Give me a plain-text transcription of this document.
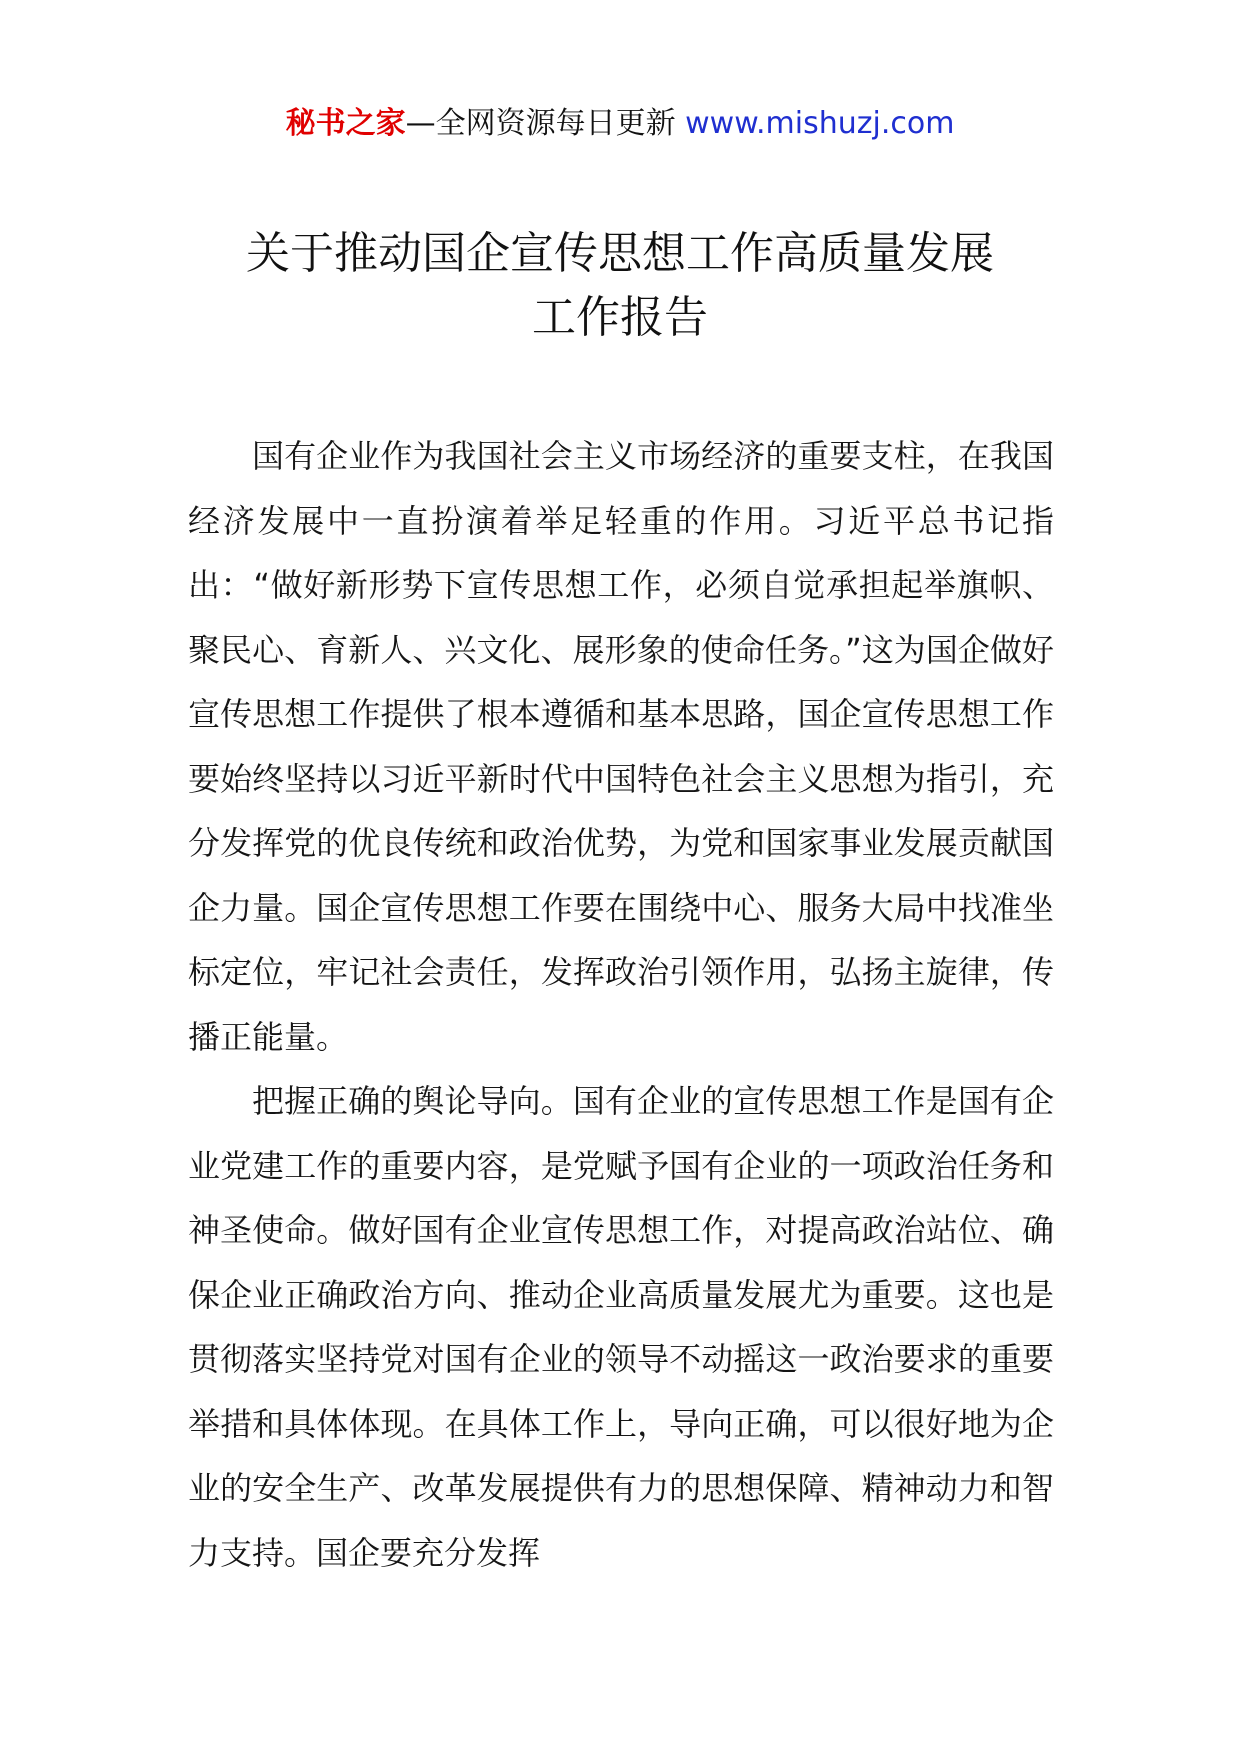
秘书之家—全网资源每日更新 www.mishuzj.com
关于推动国企宣传思想工作高质量发展
工作报告

国有企业作为我国社会主义市场经济的重要支柱，在我国经济发展中一直扮演着举足轻重的作用。习近平总书记指出：“做好新形势下宣传思想工作，必须自觉承担起举旗帜、聚民心、育新人、兴文化、展形象的使命任务。”这为国企做好宣传思想工作提供了根本遵循和基本思路，国企宣传思想工作要始终坚持以习近平新时代中国特色社会主义思想为指引，充分发挥党的优良传统和政治优势，为党和国家事业发展贡献国企力量。国企宣传思想工作要在围绕中心、服务大局中找准坐标定位，牢记社会责任，发挥政治引领作用，弘扬主旋律，传播正能量。

把握正确的舆论导向。国有企业的宣传思想工作是国有企业党建工作的重要内容，是党赋予国有企业的一项政治任务和神圣使命。做好国有企业宣传思想工作，对提高政治站位、确保企业正确政治方向、推动企业高质量发展尤为重要。这也是贯彻落实坚持党对国有企业的领导不动摇这一政治要求的重要举措和具体体现。在具体工作上，导向正确，可以很好地为企业的安全生产、改革发展提供有力的思想保障、精神动力和智力支持。国企要充分发挥
